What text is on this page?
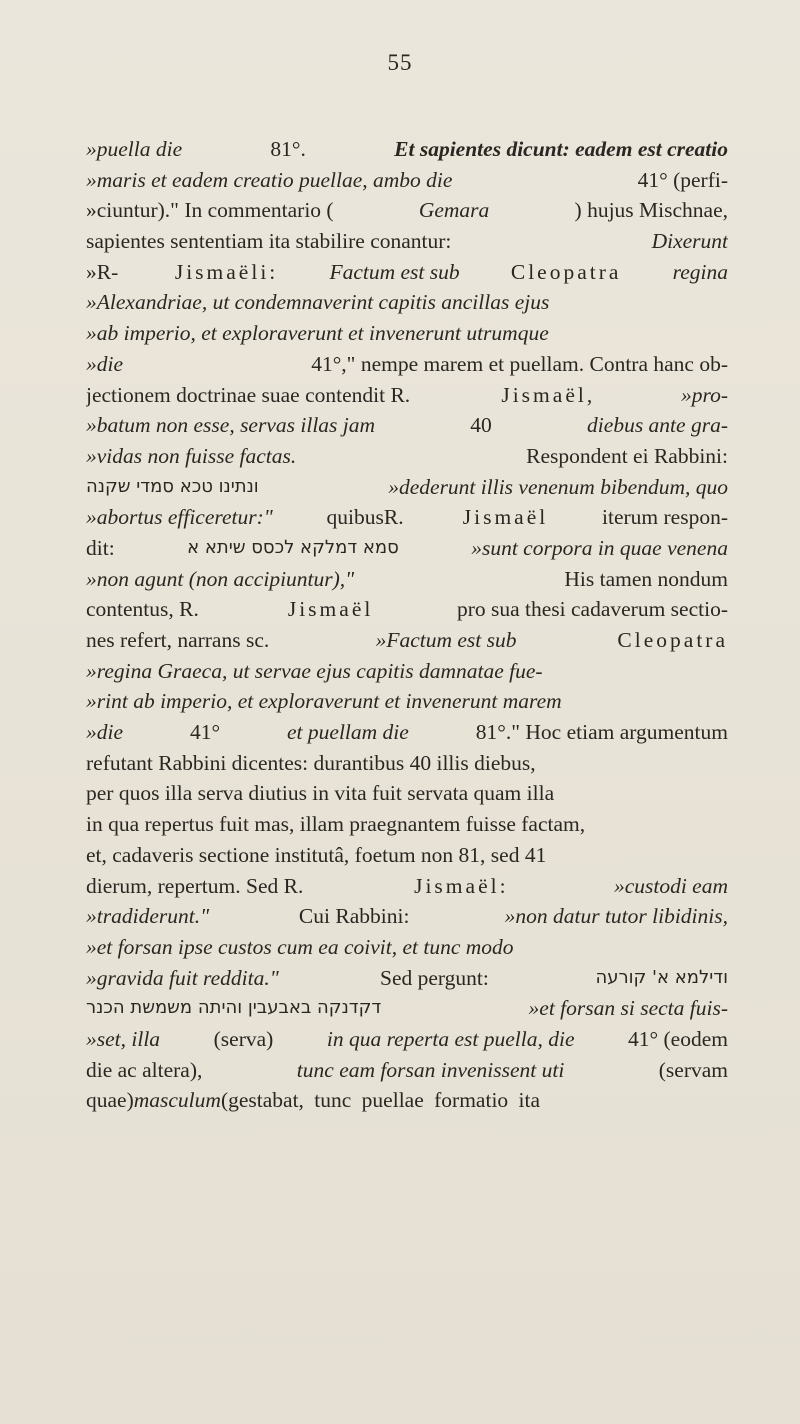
55
»puella die	81°.	Et sapientes dicunt: eadem est creatio
»maris et eadem creatio puellae, ambo die	41° (perfi-
»ciuntur)." In commentario (	Gemara	) hujus Mischnae,
sapientes sententiam ita stabilire conantur:	Dixerunt
»R- Jismaëli: Factum est sub Cleopatra regina
»Alexandriae, ut condemnaverint capitis ancillas ejus
»ab imperio, et exploraverunt et invenerunt utrumque
»die	41°," nempe marem et puellam. Contra hanc ob-
jectionem doctrinae suae contendit R.	Jismaël,	»pro-
»batum non esse, servas illas jam	40	diebus ante gra-
»vidas non fuisse factas.	Respondent ei Rabbini:
ונתינו טכא סמדי שקנה	»dederunt illis venenum bibendum, quo
»abortus efficeretur:"	quibusR.	Jismaël	iterum respon-
dit:	סמא דמלקא לכסס שיתא א	»sunt corpora in quae venena
»non agunt (non accipiuntur),"	His tamen nondum
contentus, R.	Jismaël	pro sua thesi cadaverum sectio-
nes refert, narrans sc.	»Factum est sub	Cleopatra
»regina Graeca, ut servae ejus capitis damnatae fue-
»rint ab imperio, et exploraverunt et invenerunt marem
»die	41°	et puellam die	81°." Hoc etiam argumentum
refutant Rabbini dicentes: durantibus 40 illis diebus,
per quos illa serva diutius in vita fuit servata quam illa
in qua repertus fuit mas, illam praegnantem fuisse factam,
et, cadaveris sectione institutâ, foetum non 81, sed 41
dierum, repertum. Sed R.	Jismaël:	»custodi eam
»tradiderunt."	Cui Rabbini:	»non datur tutor libidinis,
»et forsan ipse custos cum ea coivit, et tunc modo
»gravida fuit reddita."	Sed pergunt:	ודילמא א' קורעה
דקדנקה באבעבין והיתה משמשת הכנר	»et forsan si secta fuis-
»set, illa (serva) in qua reperta est puella, die 41° (eodem
die ac altera),	tunc eam forsan invenissent uti	(servam
quae) masculum (gestabat, tunc puellae formatio ita
